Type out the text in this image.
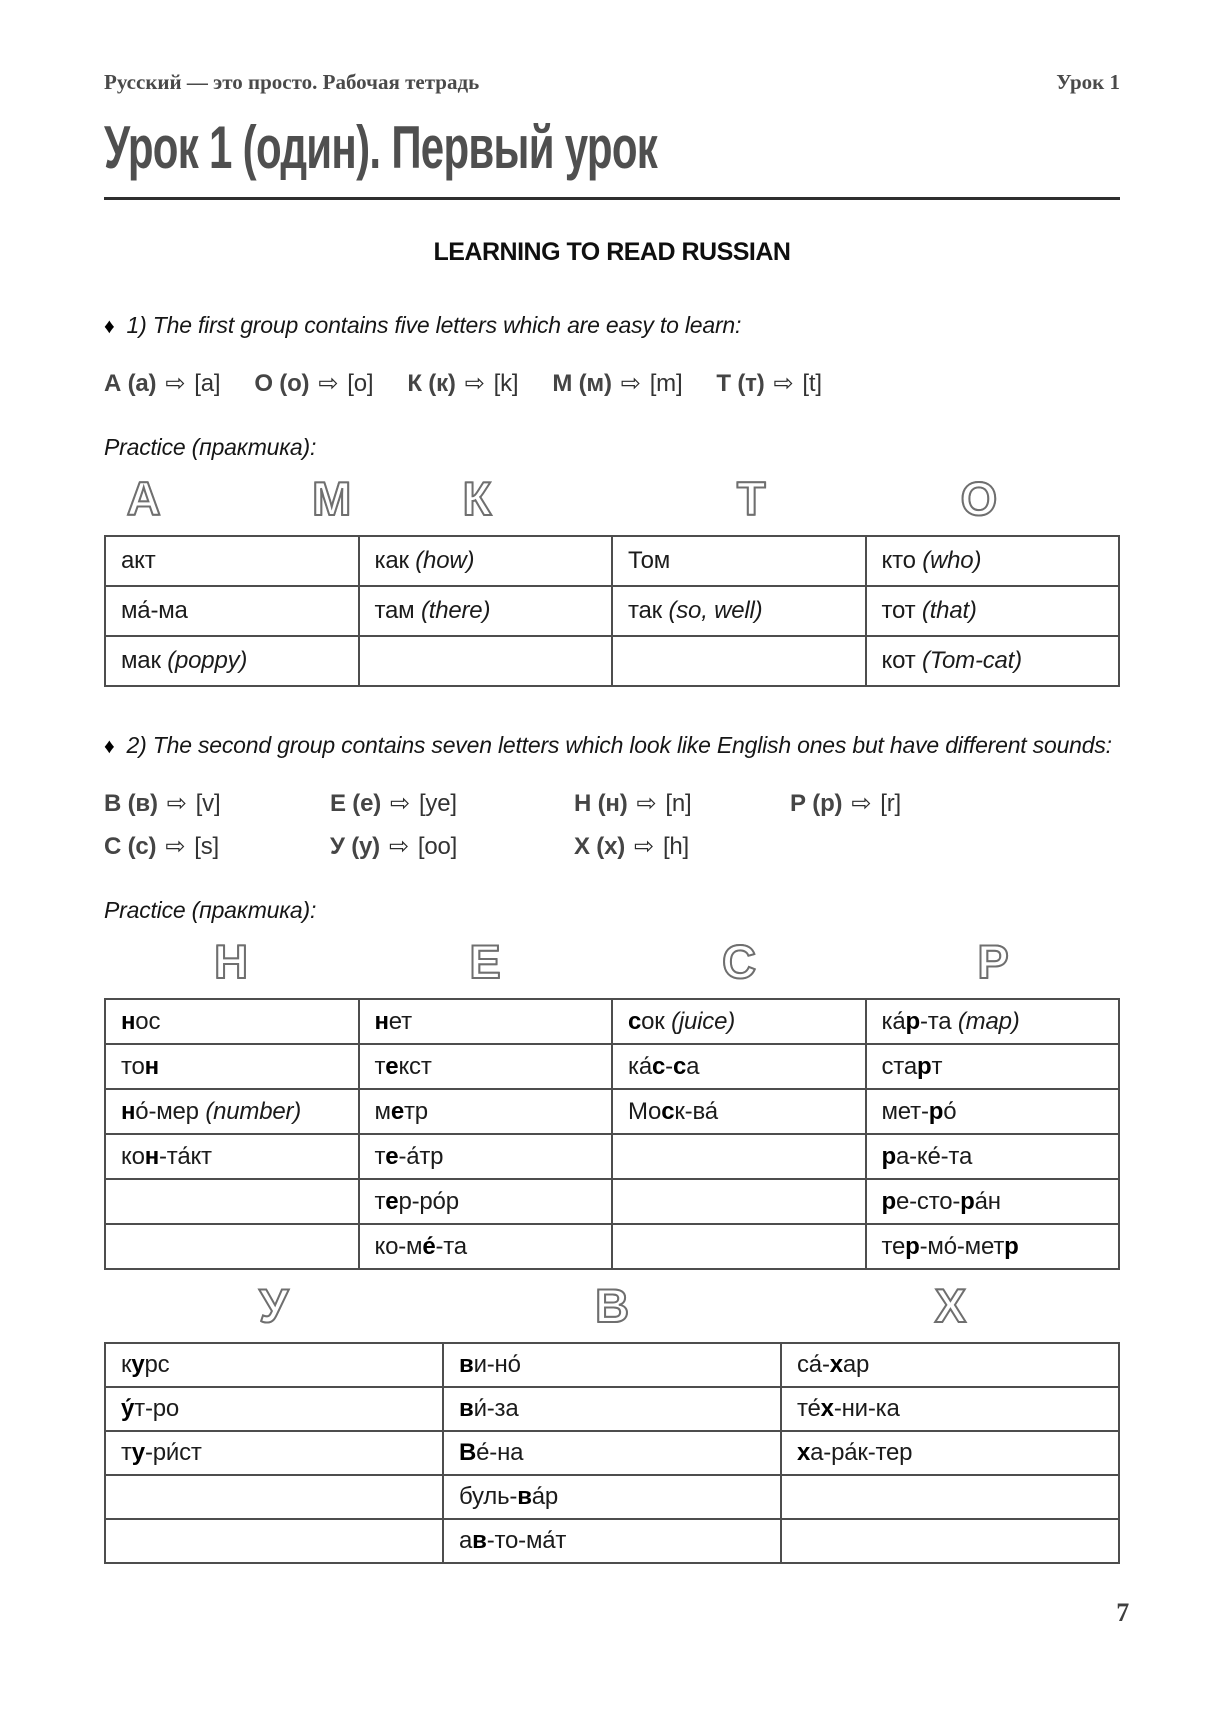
Русский — это просто. Рабочая тетрадь	Урок 1
Урок 1 (один). Первый урок
LEARNING TO READ RUSSIAN
♦ 1) The first group contains five letters which are easy to learn:
А (а) ⇨ [a] О (о) ⇨ [o] К (к) ⇨ [k] М (м) ⇨ [m] Т (т) ⇨ [t]
Practice (практика):
А	М К	Т	О
акт	как (how)	Том	кто (who)
ма́-ма	там (there)	так (so, well)	тот (that)
мак (poppy)			кот (Tom-cat)
♦ 2) The second group contains seven letters which look like English ones but have different sounds:
В (в) ⇨ [v]	Е (е) ⇨ [ye]	Н (н) ⇨ [n]	Р (р) ⇨ [r]
С (с) ⇨ [s]	У (у) ⇨ [oo]	Х (х) ⇨ [h]
Practice (практика):
Н	Е	С	Р
нос	нет	сок (juice)	ка́р-та (map)
тон	текст	ка́с-са	старт
но́-мер (number)	метр	Моск-ва́	мет-ро́
кон-та́кт	те-а́тр		ра-ке́-та
	тер-ро́р		ре-сто-ра́н
	ко-ме́-та		тер-мо́-метр
У	В	Х
курс	ви-но́	са́-хар
у́т-ро	ви́-за	те́х-ни-ка
ту-ри́ст	Ве́-на	ха-ра́к-тер
	буль-ва́р	
	ав-то-ма́т	
7
